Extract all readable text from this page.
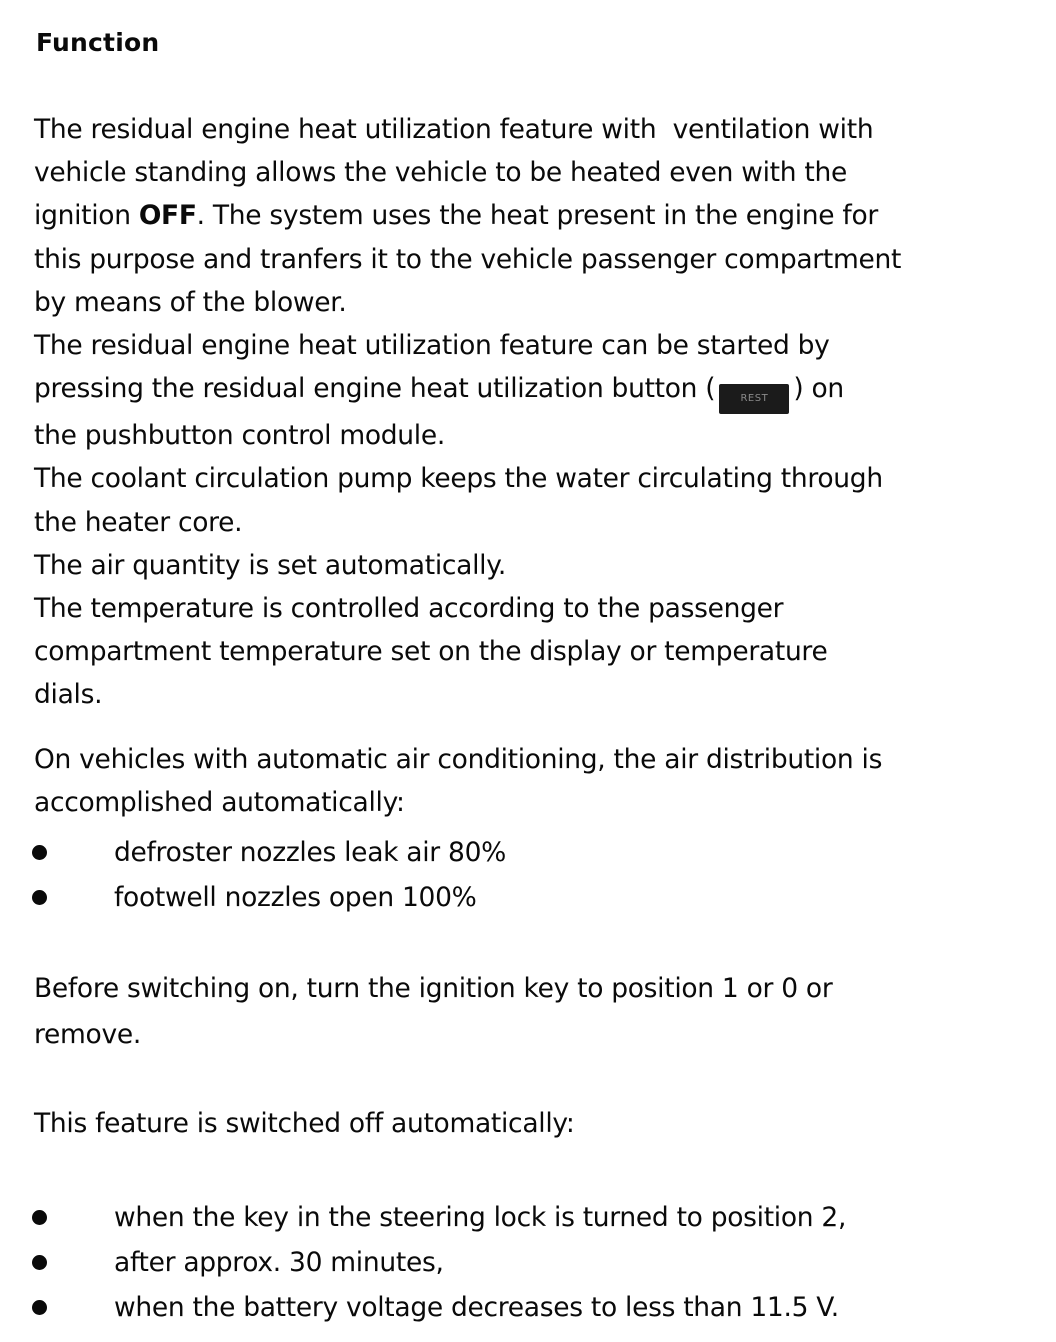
Function
The residual engine heat utilization feature with  ventilation with
vehicle standing allows the vehicle to be heated even with the
ignition OFF. The system uses the heat present in the engine for
this purpose and tranfers it to the vehicle passenger compartment
by means of the blower.
The residual engine heat utilization feature can be started by
pressing the residual engine heat utilization button (	REST ) on
the pushbutton control module.
The coolant circulation pump keeps the water circulating through
the heater core.
The air quantity is set automatically.
The temperature is controlled according to the passenger
compartment temperature set on the display or temperature
dials.
On vehicles with automatic air conditioning, the air distribution is
accomplished automatically:
defroster nozzles leak air 80%
footwell nozzles open 100%
Before switching on, turn the ignition key to position 1 or 0 or
remove.
This feature is switched off automatically:
when the key in the steering lock is turned to position 2,
after approx. 30 minutes,
when the battery voltage decreases to less than 11.5 V.
